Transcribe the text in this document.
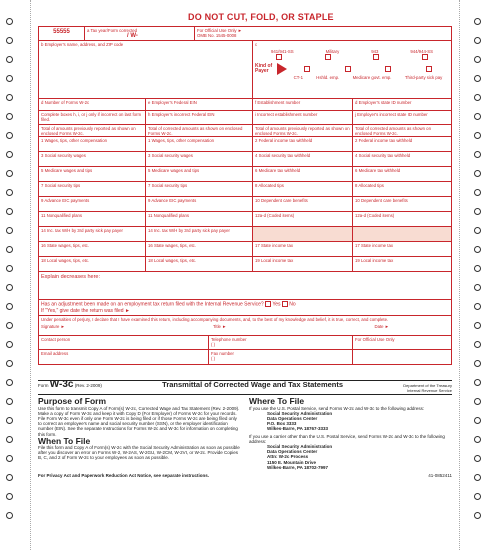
DO NOT CUT, FOLD, OR STAPLE
55555	a Tax year/Form corrected
/ W-
For Official Use Only ►
OMB No. 1545-0008
b Employer's name, address, and ZIP code	c
941/941-SS	Military	943	944/944-SS
Kind of Payer
CT-1	Hshld. emp.	Medicare govt. emp.	Third-party sick pay
d Number of Forms W-2c	e Employer's Federal EIN	f Establishment number	d Employer's state ID number
Complete boxes h, i, or j only if incorrect on last form filed.
h Employer's incorrect Federal EIN	i Incorrect establishment number	j Employer's incorrect state ID number
Total of amounts previously reported as shown on enclosed Forms W-2c.
Total of corrected amounts as shown on enclosed Forms W-2c.
Total of amounts previously reported as shown on enclosed Forms W-2c.
Total of corrected amounts as shown on enclosed Forms W-2c.
1 Wages, tips, other compensation	1 Wages, tips, other compensation	2 Federal income tax withheld	2 Federal income tax withheld
3 Social security wages	3 Social security wages	4 Social security tax withheld	4 Social security tax withheld
5 Medicare wages and tips	5 Medicare wages and tips	6 Medicare tax withheld	6 Medicare tax withheld
7 Social security tips	7 Social security tips	8 Allocated tips	8 Allocated tips
9 Advance EIC payments	9 Advance EIC payments	10 Dependent care benefits	10 Dependent care benefits
11 Nonqualified plans	11 Nonqualified plans	12a-d (Coded items)	12a-d (Coded items)
14 Inc. tax W/H by 3rd party sick pay payer	14 Inc. tax W/H by 3rd party sick pay payer
16 State wages, tips, etc.	16 State wages, tips, etc.	17 State income tax	17 State income tax
18 Local wages, tips, etc.	18 Local wages, tips, etc.	19 Local income tax	19 Local income tax
Explain decreases here:
Has an adjustment been made on an employment tax return filed with the Internal Revenue Service? Yes No
If "Yes," give date the return was filed ►
Under penalties of perjury, I declare that I have examined this return, including accompanying documents, and, to the best of my knowledge and belief, it is true, correct, and complete.
Signature ►	Title ►	Date ►
Contact person	Telephone number
( )
For Official Use Only
Email address	Fax number
( )
Form W-3c (Rev. 2-2009)	Transmittal of Corrected Wage and Tax Statements	Department of the Treasury
Internal Revenue Service
Purpose of Form
Use this form to transmit Copy A of Form(s) W-2c, Corrected Wage and Tax Statement (Rev. 2-2009). Make a copy of Form W-3c and keep it with Copy D (For Employer) of Forms W-2c for your records. File Form W-3c even if only one Form W-2c is being filed or if those Forms W-2c are being filed only to correct an employee's name and social security number (SSN), or the employer identification number (EIN). See the separate Instructions for Forms W-2c and W-3c for information on completing this form.
When To File
File this form and Copy A of Form(s) W-2c with the Social Security Administration as soon as possible after you discover an error on Forms W-2, W-2AS, W-2GU, W-2CM, W-2VI, or W-2c. Provide Copies B, C, and 2 of Form W-2c to your employees as soon as possible.
Where To File
If you use the U.S. Postal Service, send Forms W-2c and W-3c to the following address:
Social Security Administration
Data Operations Center
P.O. Box 3333
Wilkes-Barre, PA 18767-3333
If you use a carrier other than the U.S. Postal Service, send Forms W-2c and W-3c to the following address:
Social Security Administration
Data Operations Center
Attn: W-2c Process
1150 E. Mountain Drive
Wilkes-Barre, PA 18702-7997
For Privacy Act and Paperwork Reduction Act Notice, see separate instructions.	41-0852411
